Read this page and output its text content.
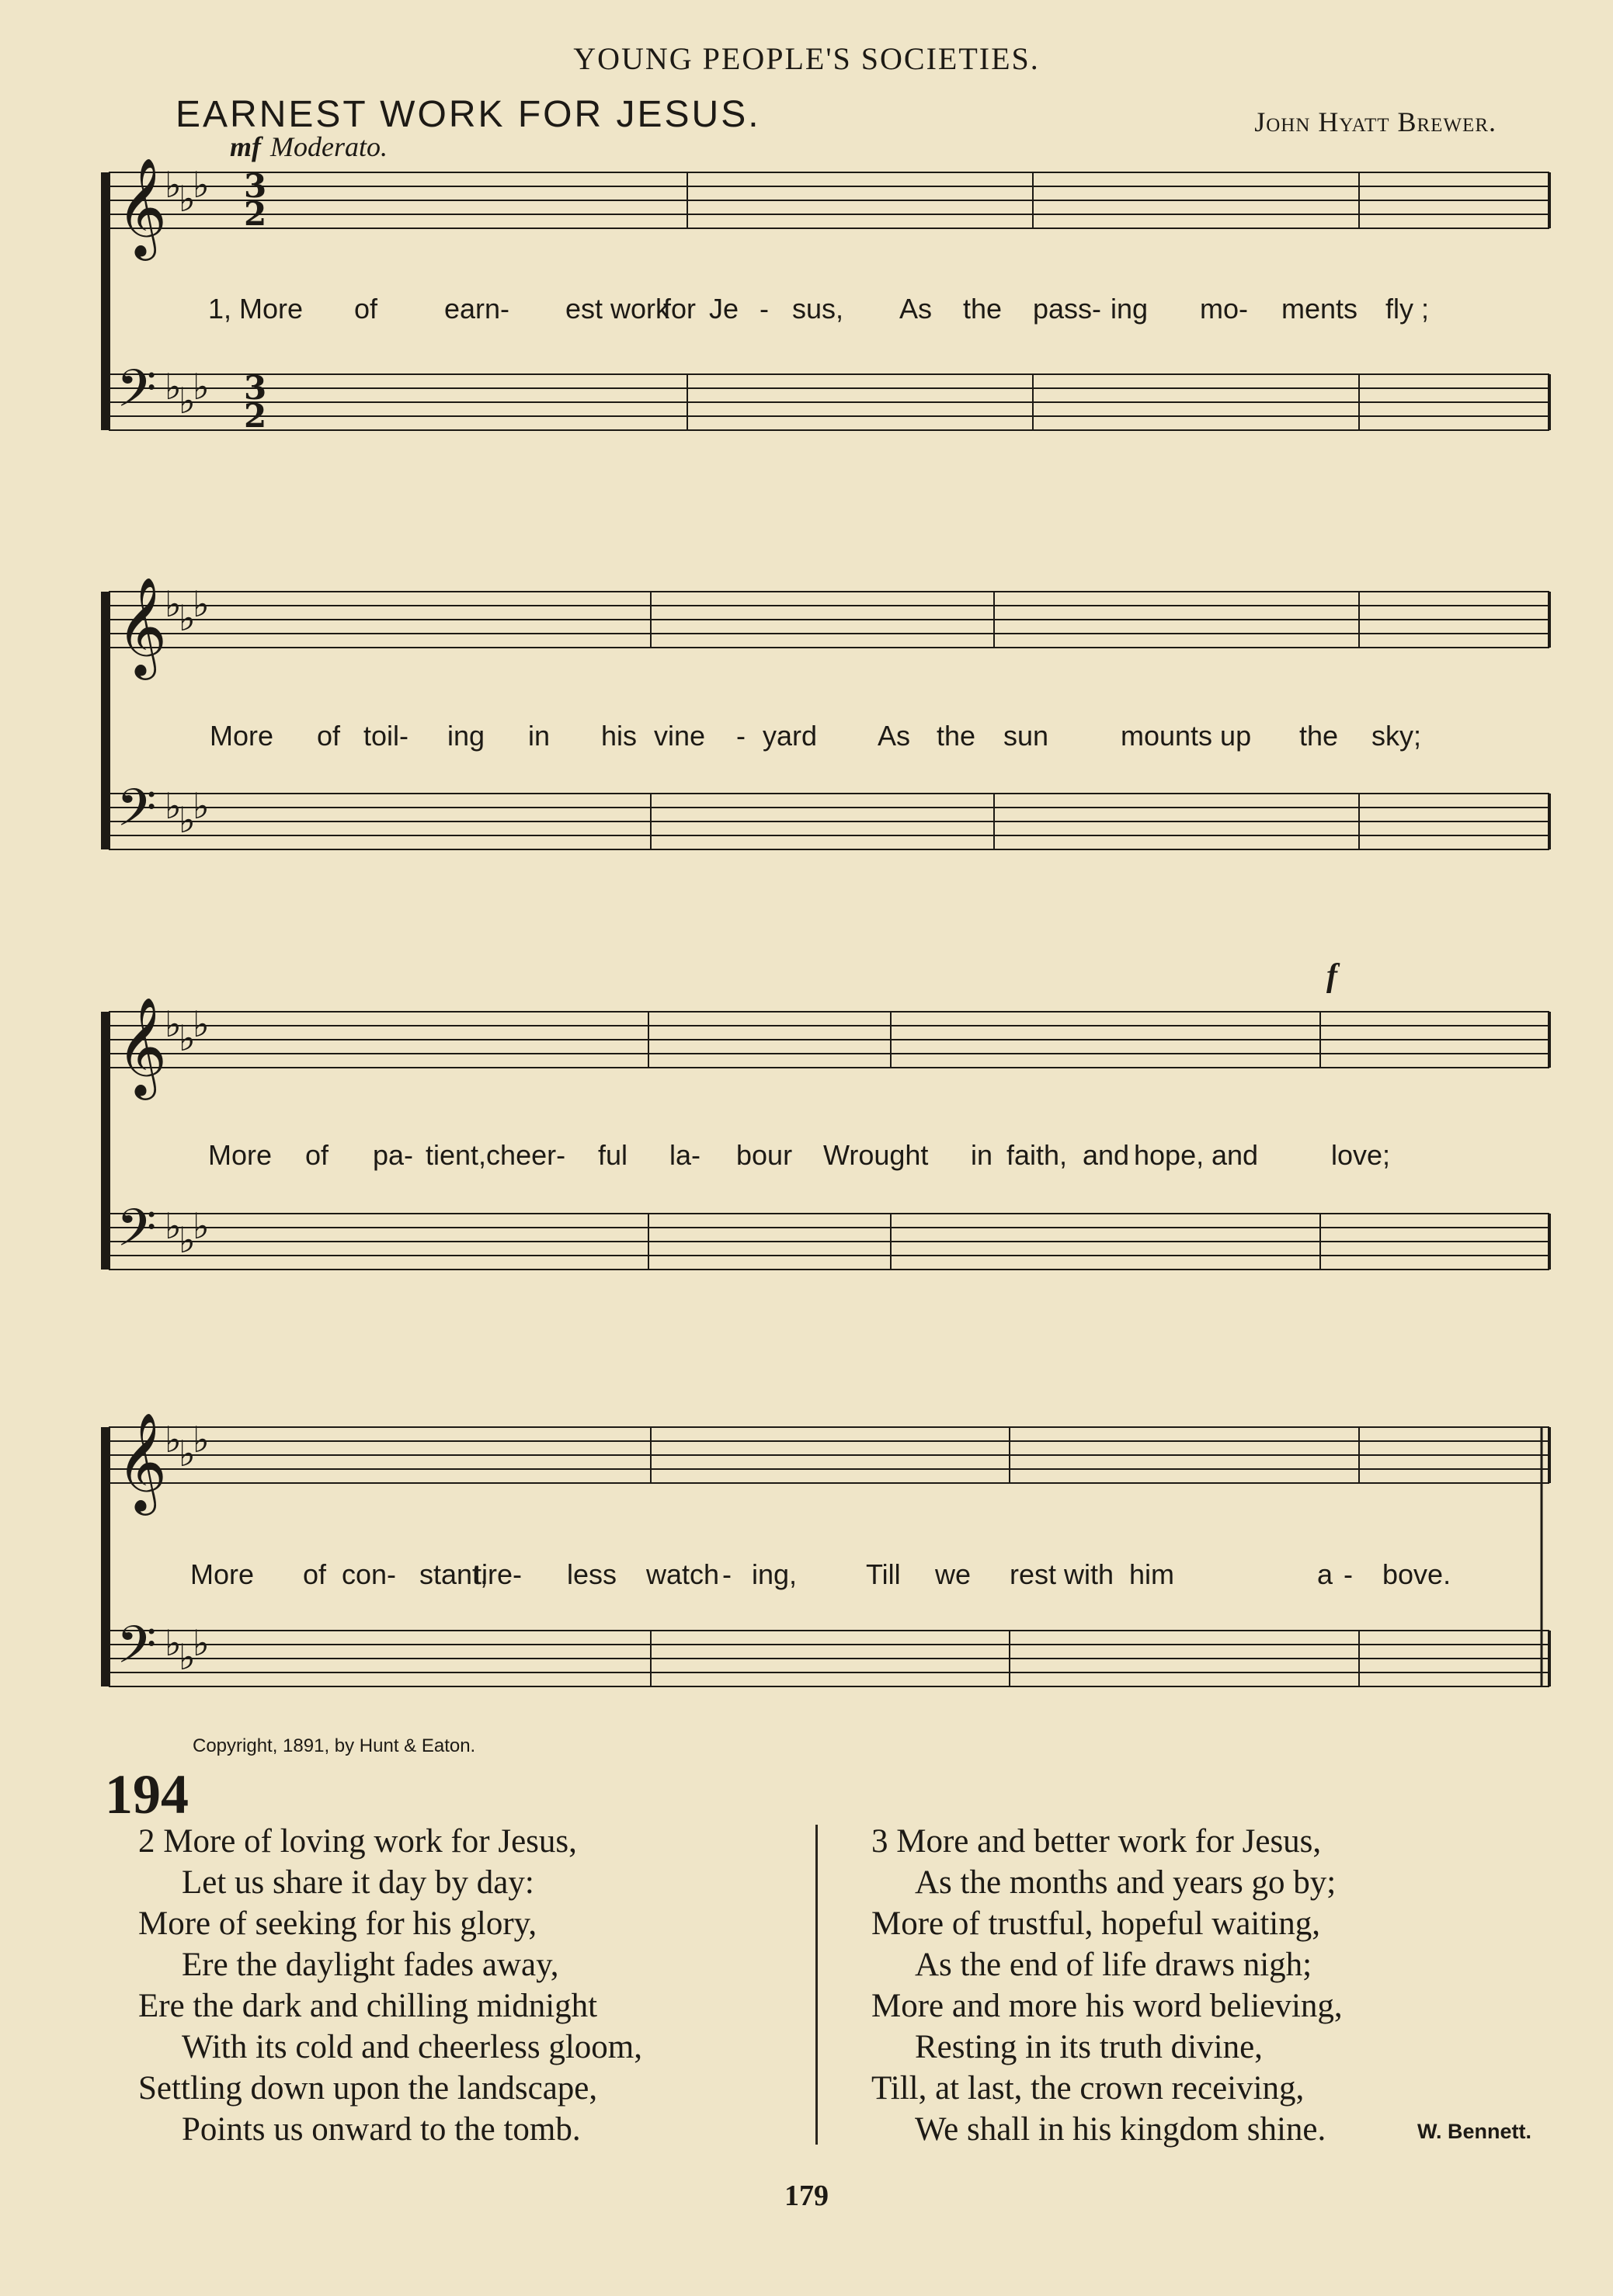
YOUNG PEOPLE'S SOCIETIES.
EARNEST WORK FOR JESUS.	John Hyatt Brewer.
mf Moderato.
𝄞
♭
♭
♭
𝄢 ♭
♭
♭
1, More of earn- est work
for Je - sus, As the pass- ing mo- ments fly ;
𝄞
♭
♭
♭
𝄢 ♭
♭
♭
More of toil- ing in his vine - yard As the sun	mounts up the sky;
𝄞
♭
♭
♭
𝄢 ♭
♭
♭
More of pa- tient,cheer- ful la- bour Wrought in faith, and hope, and	love;
𝄞
♭
♭
♭
𝄢 ♭
♭
♭
More of con- stant,
tire- less watch - ing, Till we rest with him	a - bove.
3
2
3
2
f
Copyright, 1891, by Hunt & Eaton.
194
2 More of loving work for Jesus,
Let us share it day by day:
More of seeking for his glory,
Ere the daylight fades away,
Ere the dark and chilling midnight
With its cold and cheerless gloom,
Settling down upon the landscape,
Points us onward to the tomb.
3 More and better work for Jesus,
As the months and years go by;
More of trustful, hopeful waiting,
As the end of life draws nigh;
More and more his word believing,
Resting in its truth divine,
Till, at last, the crown receiving,
We shall in his kingdom shine.	W. Bennett.
179
